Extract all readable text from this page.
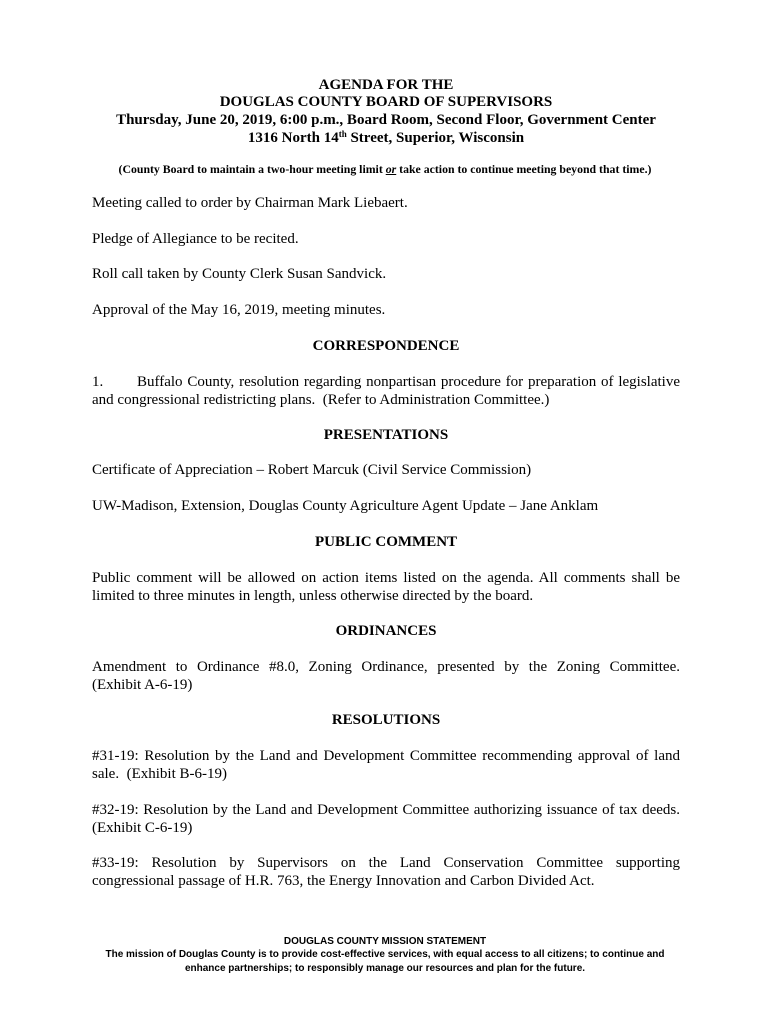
AGENDA FOR THE
DOUGLAS COUNTY BOARD OF SUPERVISORS
Thursday, June 20, 2019, 6:00 p.m., Board Room, Second Floor, Government Center
1316 North 14th Street, Superior, Wisconsin
(County Board to maintain a two-hour meeting limit or take action to continue meeting beyond that time.)
Meeting called to order by Chairman Mark Liebaert.
Pledge of Allegiance to be recited.
Roll call taken by County Clerk Susan Sandvick.
Approval of the May 16, 2019, meeting minutes.
CORRESPONDENCE
1.	Buffalo County, resolution regarding nonpartisan procedure for preparation of legislative
and congressional redistricting plans.  (Refer to Administration Committee.)
PRESENTATIONS
Certificate of Appreciation – Robert Marcuk (Civil Service Commission)
UW-Madison, Extension, Douglas County Agriculture Agent Update – Jane Anklam
PUBLIC COMMENT
Public comment will be allowed on action items listed on the agenda. All comments shall be
limited to three minutes in length, unless otherwise directed by the board.
ORDINANCES
Amendment to Ordinance #8.0, Zoning Ordinance, presented by the Zoning Committee.
(Exhibit A-6-19)
RESOLUTIONS
#31-19: Resolution by the Land and Development Committee recommending approval of land
sale.  (Exhibit B-6-19)
#32-19: Resolution by the Land and Development Committee authorizing issuance of tax deeds.
(Exhibit C-6-19)
#33-19: Resolution by Supervisors on the Land Conservation Committee supporting
congressional passage of H.R. 763, the Energy Innovation and Carbon Divided Act.
DOUGLAS COUNTY MISSION STATEMENT
The mission of Douglas County is to provide cost-effective services, with equal access to all citizens; to continue and
enhance partnerships; to responsibly manage our resources and plan for the future.
